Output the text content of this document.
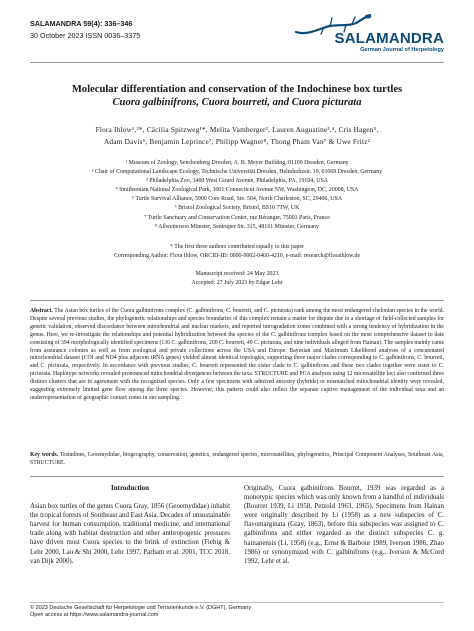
SALAMANDRA 59(4): 336–346
30 October 2023 ISSN 0036–3375	SALAMANDRA
German Journal of Herpetology
Molecular differentiation and conservation of the Indochinese box turtles
Cuora galbinifrons, Cuora bourreti, and Cuora picturata
Flora Ihlow¹,²*, Cäcilia Spitzweg¹*, Melita Vamberger², Lauren Augustine³,⁴, Cris Hagen⁵,
Adam Davis⁶, Benjamin Leprince⁷, Philipp Wagner⁸, Thong Pham Van⁷ & Uwe Fritz²
¹ Museum of Zoology, Senckenberg Dresden, A. B. Meyer Building, 01109 Dresden, Germany
² Chair of Computational Landscape Ecology, Technische Universität Dresden, Helmholtzstr. 10, 01069 Dresden, Germany
³ Philadelphia Zoo, 3400 West Girard Avenue, Philadelphia, PA, 19104, USA
⁴ Smithsonian National Zoological Park, 3001 Connecticut Avenue NW, Washington, DC, 20008, USA
⁵ Turtle Survival Alliance, 5900 Core Road, Ste. 504, North Charleston, SC, 29406, USA
⁶ Bristol Zoological Society, Bristol, BS10 7TW, UK
⁷ Turtle Sanctuary and Conservation Center, rue Béranger, 75003 Paris, France
⁸ Allwetterzoo Münster, Sentruper Str. 315, 48161 Münster, Germany
* The first three authors contributed equally to this paper
Corresponding Author: Flora Ihlow, ORCID-ID: 0000-0002-0460-4210, e-mail: research@floraihlow.de
Manuscript received: 24 May 2023
Accepted: 27 July 2023 by Edgar Lehr
Abstract. The Asian box turtles of the Cuora galbinifrons complex (C. galbinifrons, C. bourreti, and C. picturata) rank among the most endangered chelonian species in the world. Despite several previous studies, the phylogenetic relationships and species boundaries of this complex remain a matter for dispute due to a shortage of field-collected samples for genetic validation, observed discordance between mitochondrial and nuclear markers, and reported introgradation zones combined with a strong tendency of hybridization in the genus. Here, we re-investigate the relationships and potential hybridization between the species of the C. galbinifrons complex based on the most comprehensive dataset to date consisting of 394 morphologically identified specimens (136 C. galbinifrons, 200 C. bourreti, 49 C. picturata, and nine individuals alleged from Hainan). The samples mainly came from assurance colonies as well as from zoological and private collections across the USA and Europe. Bayesian and Maximum Likelihood analyses of a concatenated mitochondrial dataset (COI and ND4 plus adjacent tRNA genes) yielded almost identical topologies, supporting three major clades corresponding to C. galbinifrons, C. bourreti, and C. picturata, respectively. In accordance with previous studies, C. bourreti represented the sister clade to C. galbinifrons and these two clades together were sister to C. picturata. Haplotype networks revealed pronounced mitochondrial divergences between the taxa. STRUCTURE and PCA analyses using 12 microsatellite loci also confirmed three distinct clusters that are in agreement with the recognized species. Only a few specimens with admixed ancestry (hybrids) or mismatched mitochondrial identity were revealed, suggesting extremely limited gene flow among the three species. However, this pattern could also reflect the separate captive management of the individual taxa and an underrepresentation of geographic contact zones in our sampling.
Key words. Testudines, Geoemydidae, biogeography, conservation, genetics, endangered species, microsatellites, phylogenetics, Principal Component Analyses, Southeast Asia, STRUCTURE.
Introduction
Asian box turtles of the genus Cuora Gray, 1856 (Geoemydidae) inhabit the tropical forests of Southeast and East Asia. Decades of unsustainable harvest for human consumption, traditional medicine, and international trade along with habitat destruction and other anthropogenic pressures have driven most Cuora species to the brink of extinction (Fiebig & Lehr 2000, Lau & Shi 2000, Lehr 1997, Parham et al. 2001, TCC 2018, van Dijk 2000).
Originally, Cuora galbinifrons Bourret, 1939 was regarded as a monotypic species which was only known from a handful of individuals (Bourret 1939, Li 1958, Petzold 1963, 1965). Specimens from Hainan were originally described by Li (1958) as a new subspecies of C. flavomarginata (Gray, 1863), before this subspecies was assigned to C. galbinifrons and either regarded as the distinct subspecies C. g. hainanensis (Li, 1958) (e.g., Ernst & Barbour 1989, Iverson 1986, Zhao 1986) or synonymized with C. galbinifrons (e.g., Iverson & McCord 1992, Lehr et al.
© 2023 Deutsche Gesellschaft für Herpetologie und Terrarienkunde e.V. (DGHT), Germany
Open access at https://www.salamandra-journal.com
